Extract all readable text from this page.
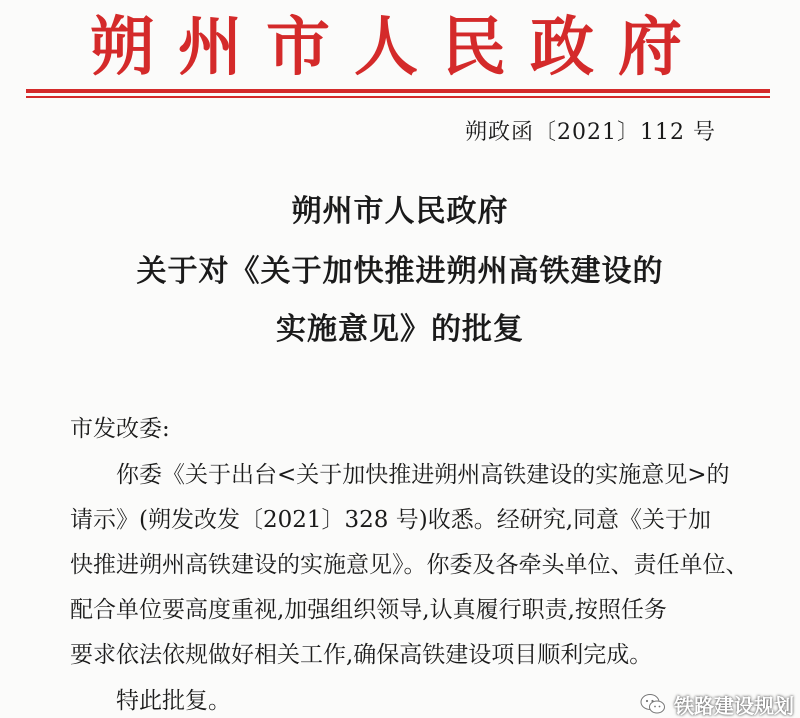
朔州市人民政府
朔政函〔2021〕112 号
朔州市人民政府
关于对《关于加快推进朔州高铁建设的
实施意见》的批复
市发改委:
你委《关于出台<关于加快推进朔州高铁建设的实施意见>的
请示》(朔发改发〔2021〕328 号)收悉。经研究,同意《关于加
快推进朔州高铁建设的实施意见》。你委及各牵头单位、责任单位、
配合单位要高度重视,加强组织领导,认真履行职责,按照任务
要求依法依规做好相关工作,确保高铁建设项目顺利完成。
特此批复。	铁路建设规划
